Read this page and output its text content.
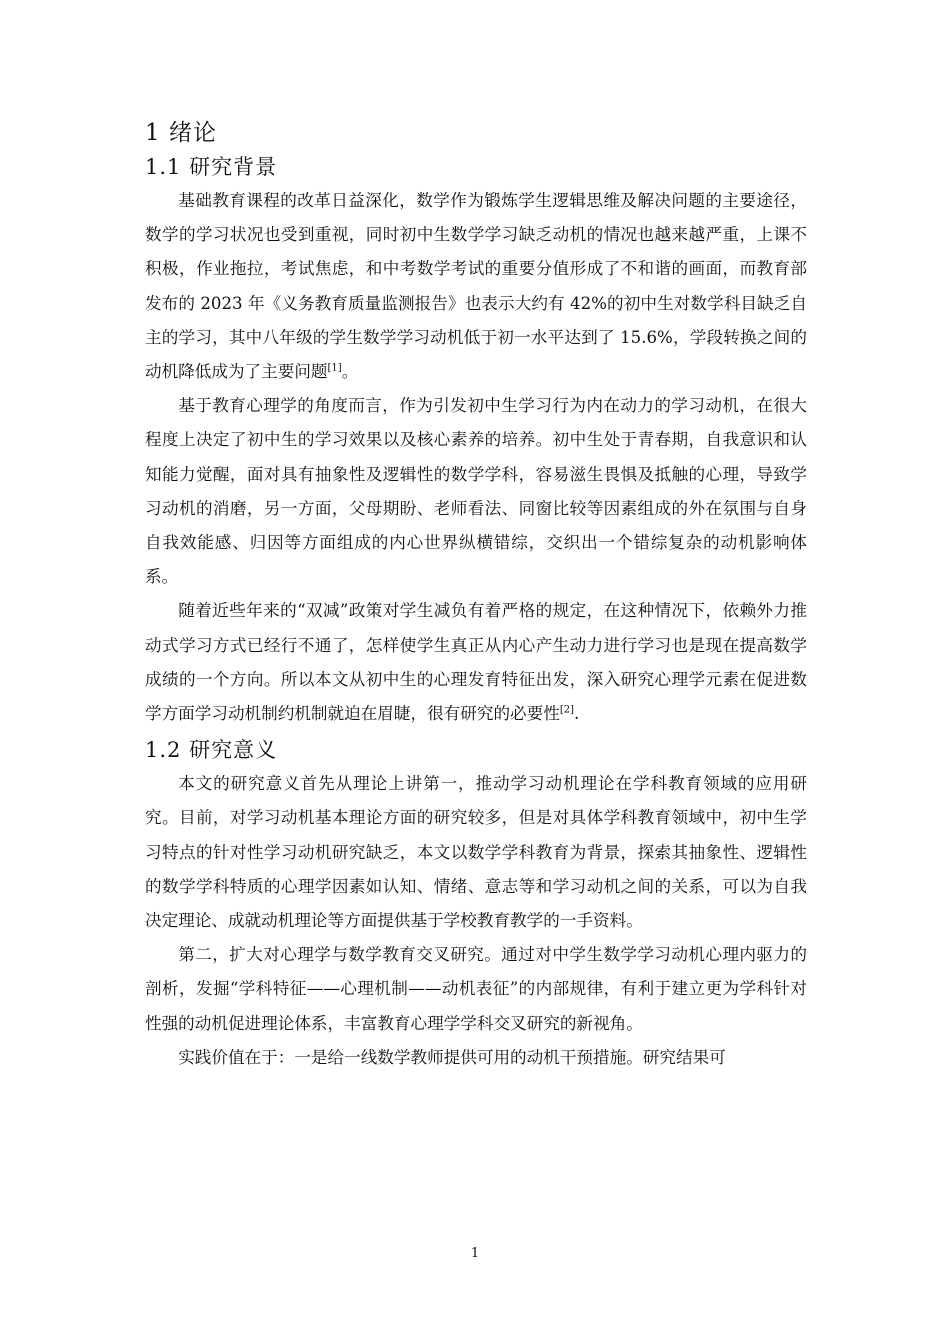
1 绪论
1.1 研究背景

基础教育课程的改革日益深化，数学作为锻炼学生逻辑思维及解决问题的主要途径，数学的学习状况也受到重视，同时初中生数学学习缺乏动机的情况也越来越严重，上课不积极，作业拖拉，考试焦虑，和中考数学考试的重要分值形成了不和谐的画面，而教育部发布的 2023 年《义务教育质量监测报告》也表示大约有 42%的初中生对数学科目缺乏自主的学习，其中八年级的学生数学学习动机低于初一水平达到了 15.6%，学段转换之间的动机降低成为了主要问题[1]。

基于教育心理学的角度而言，作为引发初中生学习行为内在动力的学习动机，在很大程度上决定了初中生的学习效果以及核心素养的培养。初中生处于青春期，自我意识和认知能力觉醒，面对具有抽象性及逻辑性的数学学科，容易滋生畏惧及抵触的心理，导致学习动机的消磨，另一方面，父母期盼、老师看法、同窗比较等因素组成的外在氛围与自身自我效能感、归因等方面组成的内心世界纵横错综，交织出一个错综复杂的动机影响体系。

随着近些年来的“双减”政策对学生减负有着严格的规定，在这种情况下，依赖外力推动式学习方式已经行不通了，怎样使学生真正从内心产生动力进行学习也是现在提高数学成绩的一个方向。所以本文从初中生的心理发育特征出发，深入研究心理学元素在促进数学方面学习动机制约机制就迫在眉睫，很有研究的必要性[2].

1.2 研究意义

本文的研究意义首先从理论上讲第一，推动学习动机理论在学科教育领域的应用研究。目前，对学习动机基本理论方面的研究较多，但是对具体学科教育领域中，初中生学习特点的针对性学习动机研究缺乏，本文以数学学科教育为背景，探索其抽象性、逻辑性的数学学科特质的心理学因素如认知、情绪、意志等和学习动机之间的关系，可以为自我决定理论、成就动机理论等方面提供基于学校教育教学的一手资料。

第二，扩大对心理学与数学教育交叉研究。通过对中学生数学学习动机心理内驱力的剖析，发掘“学科特征——心理机制——动机表征”的内部规律，有利于建立更为学科针对性强的动机促进理论体系，丰富教育心理学学科交叉研究的新视角。

实践价值在于：一是给一线数学教师提供可用的动机干预措施。研究结果可

1
